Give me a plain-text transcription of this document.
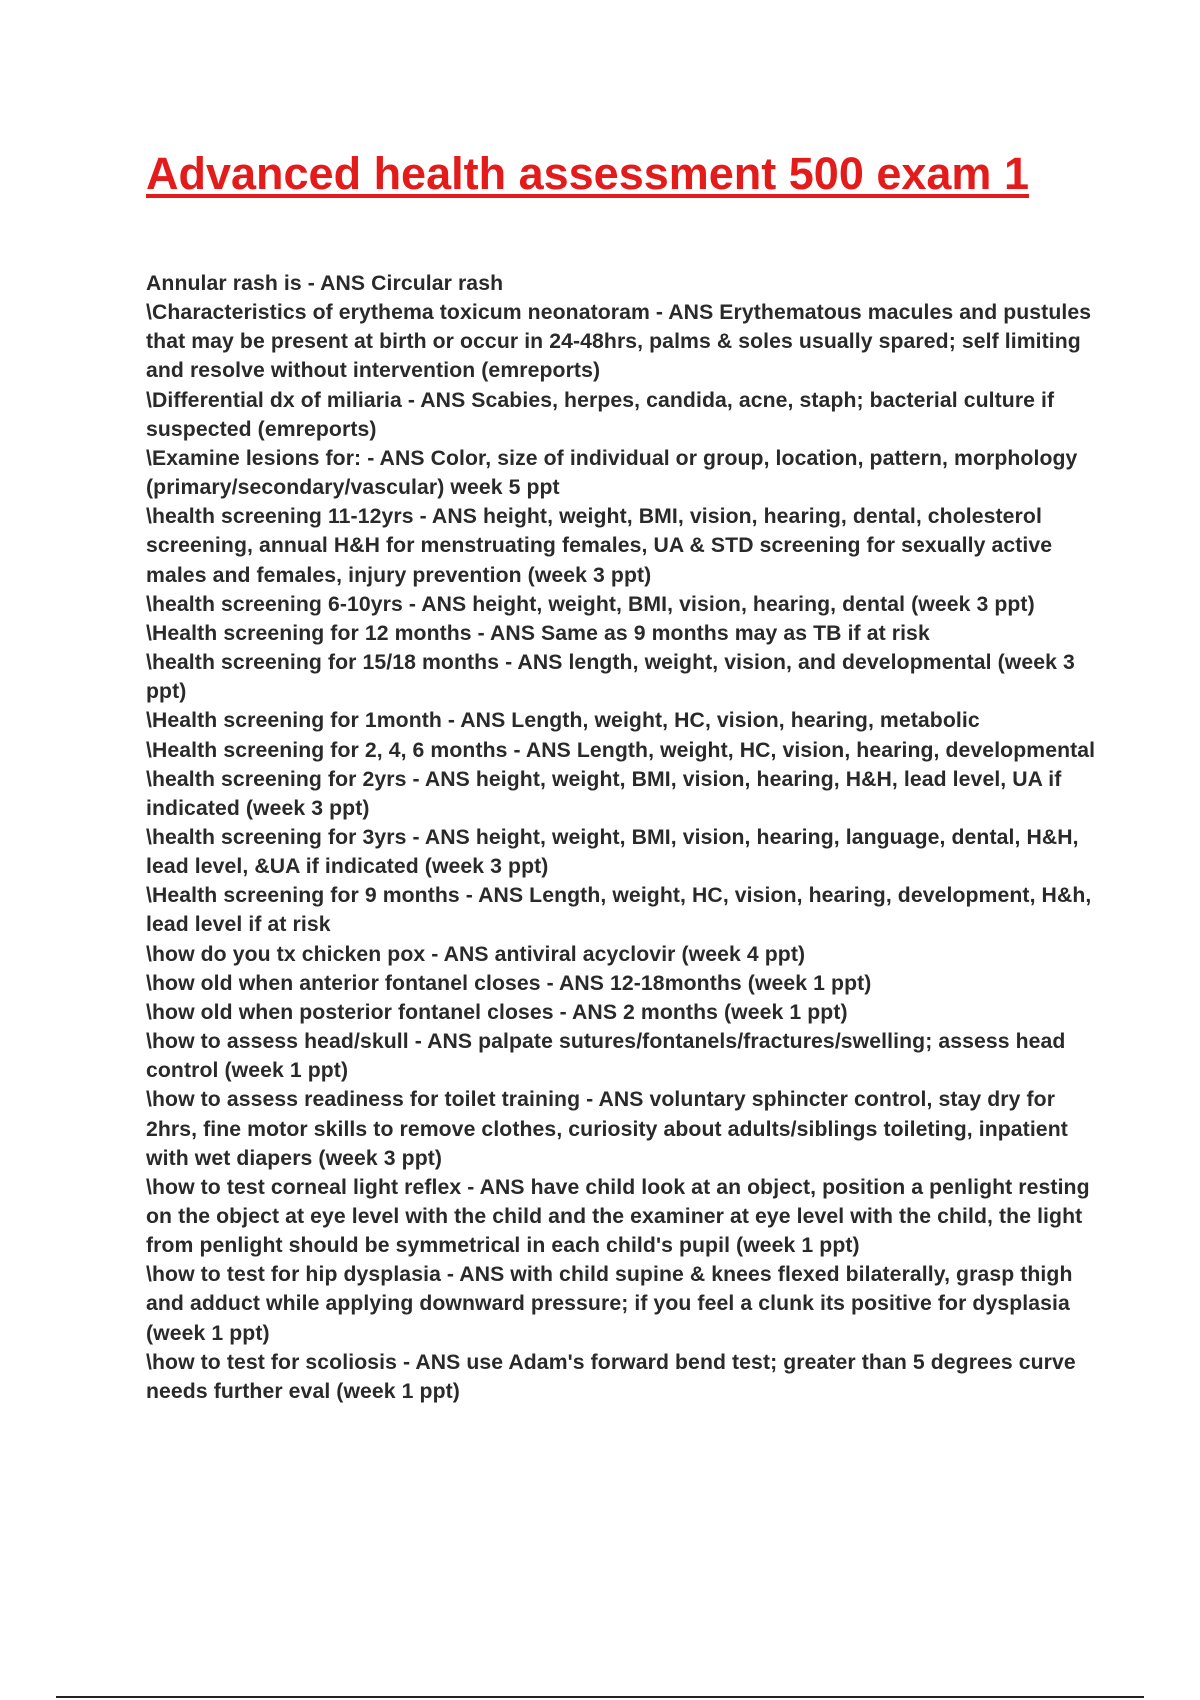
Advanced health assessment 500 exam 1
Annular rash is - ANS Circular rash
\Characteristics of erythema toxicum neonatoram - ANS Erythematous macules and pustules that may be present at birth or occur in 24-48hrs, palms & soles usually spared; self limiting and resolve without intervention (emreports)
\Differential dx of miliaria - ANS Scabies, herpes, candida, acne, staph; bacterial culture if suspected (emreports)
\Examine lesions for: - ANS Color, size of individual or group, location, pattern, morphology (primary/secondary/vascular) week 5 ppt
\health screening 11-12yrs - ANS height, weight, BMI, vision, hearing, dental, cholesterol screening, annual H&H for menstruating females, UA & STD screening for sexually active males and females, injury prevention (week 3 ppt)
\health screening 6-10yrs - ANS height, weight, BMI, vision, hearing, dental (week 3 ppt)
\Health screening for 12 months - ANS Same as 9 months may as TB if at risk
\health screening for 15/18 months - ANS length, weight, vision, and developmental (week 3 ppt)
\Health screening for 1month - ANS Length, weight, HC, vision, hearing, metabolic
\Health screening for 2, 4, 6 months - ANS Length, weight, HC, vision, hearing, developmental
\health screening for 2yrs - ANS height, weight, BMI, vision, hearing, H&H, lead level, UA if indicated (week 3 ppt)
\health screening for 3yrs - ANS height, weight, BMI, vision, hearing, language, dental, H&H, lead level, &UA if indicated (week 3 ppt)
\Health screening for 9 months - ANS Length, weight, HC, vision, hearing, development, H&h, lead level if at risk
\how do you tx chicken pox - ANS antiviral acyclovir (week 4 ppt)
\how old when anterior fontanel closes - ANS 12-18months (week 1 ppt)
\how old when posterior fontanel closes - ANS 2 months (week 1 ppt)
\how to assess head/skull - ANS palpate sutures/fontanels/fractures/swelling; assess head control (week 1 ppt)
\how to assess readiness for toilet training - ANS voluntary sphincter control, stay dry for 2hrs, fine motor skills to remove clothes, curiosity about adults/siblings toileting, inpatient with wet diapers (week 3 ppt)
\how to test corneal light reflex - ANS have child look at an object, position a penlight resting on the object at eye level with the child and the examiner at eye level with the child, the light from penlight should be symmetrical in each child's pupil (week 1 ppt)
\how to test for hip dysplasia - ANS with child supine & knees flexed bilaterally, grasp thigh and adduct while applying downward pressure; if you feel a clunk its positive for dysplasia (week 1 ppt)
\how to test for scoliosis - ANS use Adam's forward bend test; greater than 5 degrees curve needs further eval (week 1 ppt)
